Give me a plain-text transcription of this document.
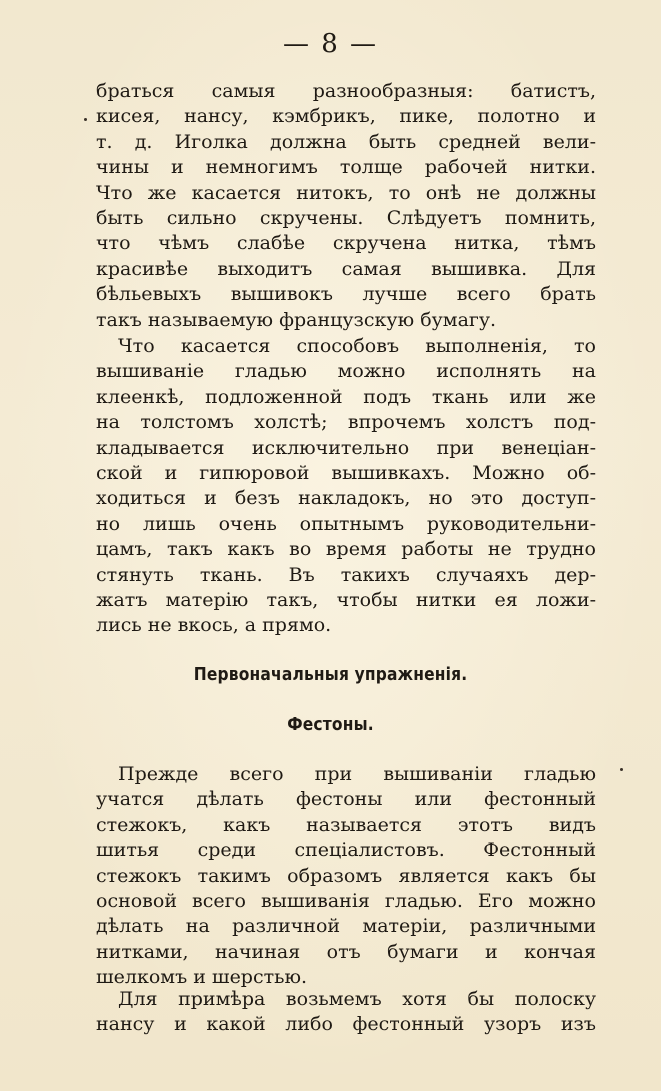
— 8 —
браться самыя разнообразныя: батистъ,
кисея, нансу, кэмбрикъ, пике, полотно и
т. д. Иголка должна быть средней вели-
чины и немногимъ толще рабочей нитки.
Что же касается нитокъ, то онѣ не должны
быть сильно скручены. Слѣдуетъ помнить,
что чѣмъ слабѣе скручена нитка, тѣмъ
красивѣе выходитъ самая вышивка. Для
бѣльевыхъ вышивокъ лучше всего брать
такъ называемую французскую бумагу.
Что касается способовъ выполненія, то
вышиваніе гладью можно исполнять на
клеенкѣ, подложенной подъ ткань или же
на толстомъ холстѣ; впрочемъ холстъ под-
кладывается исключительно при венеціан-
ской и гипюровой вышивкахъ. Можно об-
ходиться и безъ накладокъ, но это доступ-
но лишь очень опытнымъ руководительни-
цамъ, такъ какъ во время работы не трудно
стянуть ткань. Въ такихъ случаяхъ дер-
жатъ матерію такъ, чтобы нитки ея ложи-
лись не вкось, а прямо.
Первоначальныя упражненія.
Фестоны.
Прежде всего при вышиваніи гладью
учатся дѣлать фестоны или фестонный
стежокъ, какъ называется этотъ видъ
шитья среди спеціалистовъ. Фестонный
стежокъ такимъ образомъ является какъ бы
основой всего вышиванія гладью. Его можно
дѣлать на различной матеріи, различными
нитками, начиная отъ бумаги и кончая
шелкомъ и шерстью.
Для примѣра возьмемъ хотя бы полоску
нансу и какой либо фестонный узоръ изъ
